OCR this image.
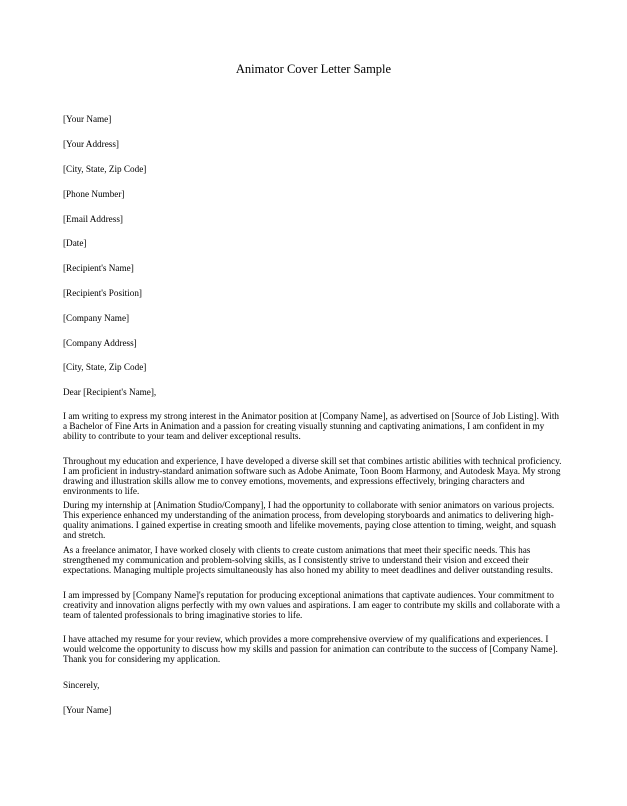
Animator Cover Letter Sample
[Your Name]
[Your Address]
[City, State, Zip Code]
[Phone Number]
[Email Address]
[Date]
[Recipient's Name]
[Recipient's Position]
[Company Name]
[Company Address]
[City, State, Zip Code]
Dear [Recipient's Name],
I am writing to express my strong interest in the Animator position at [Company Name], as advertised on [Source of Job Listing]. With a Bachelor of Fine Arts in Animation and a passion for creating visually stunning and captivating animations, I am confident in my ability to contribute to your team and deliver exceptional results.
Throughout my education and experience, I have developed a diverse skill set that combines artistic abilities with technical proficiency. I am proficient in industry-standard animation software such as Adobe Animate, Toon Boom Harmony, and Autodesk Maya. My strong drawing and illustration skills allow me to convey emotions, movements, and expressions effectively, bringing characters and environments to life.
During my internship at [Animation Studio/Company], I had the opportunity to collaborate with senior animators on various projects. This experience enhanced my understanding of the animation process, from developing storyboards and animatics to delivering high-quality animations. I gained expertise in creating smooth and lifelike movements, paying close attention to timing, weight, and squash and stretch.
As a freelance animator, I have worked closely with clients to create custom animations that meet their specific needs. This has strengthened my communication and problem-solving skills, as I consistently strive to understand their vision and exceed their expectations. Managing multiple projects simultaneously has also honed my ability to meet deadlines and deliver outstanding results.
I am impressed by [Company Name]'s reputation for producing exceptional animations that captivate audiences. Your commitment to creativity and innovation aligns perfectly with my own values and aspirations. I am eager to contribute my skills and collaborate with a team of talented professionals to bring imaginative stories to life.
I have attached my resume for your review, which provides a more comprehensive overview of my qualifications and experiences. I would welcome the opportunity to discuss how my skills and passion for animation can contribute to the success of [Company Name]. Thank you for considering my application.
Sincerely,
[Your Name]
